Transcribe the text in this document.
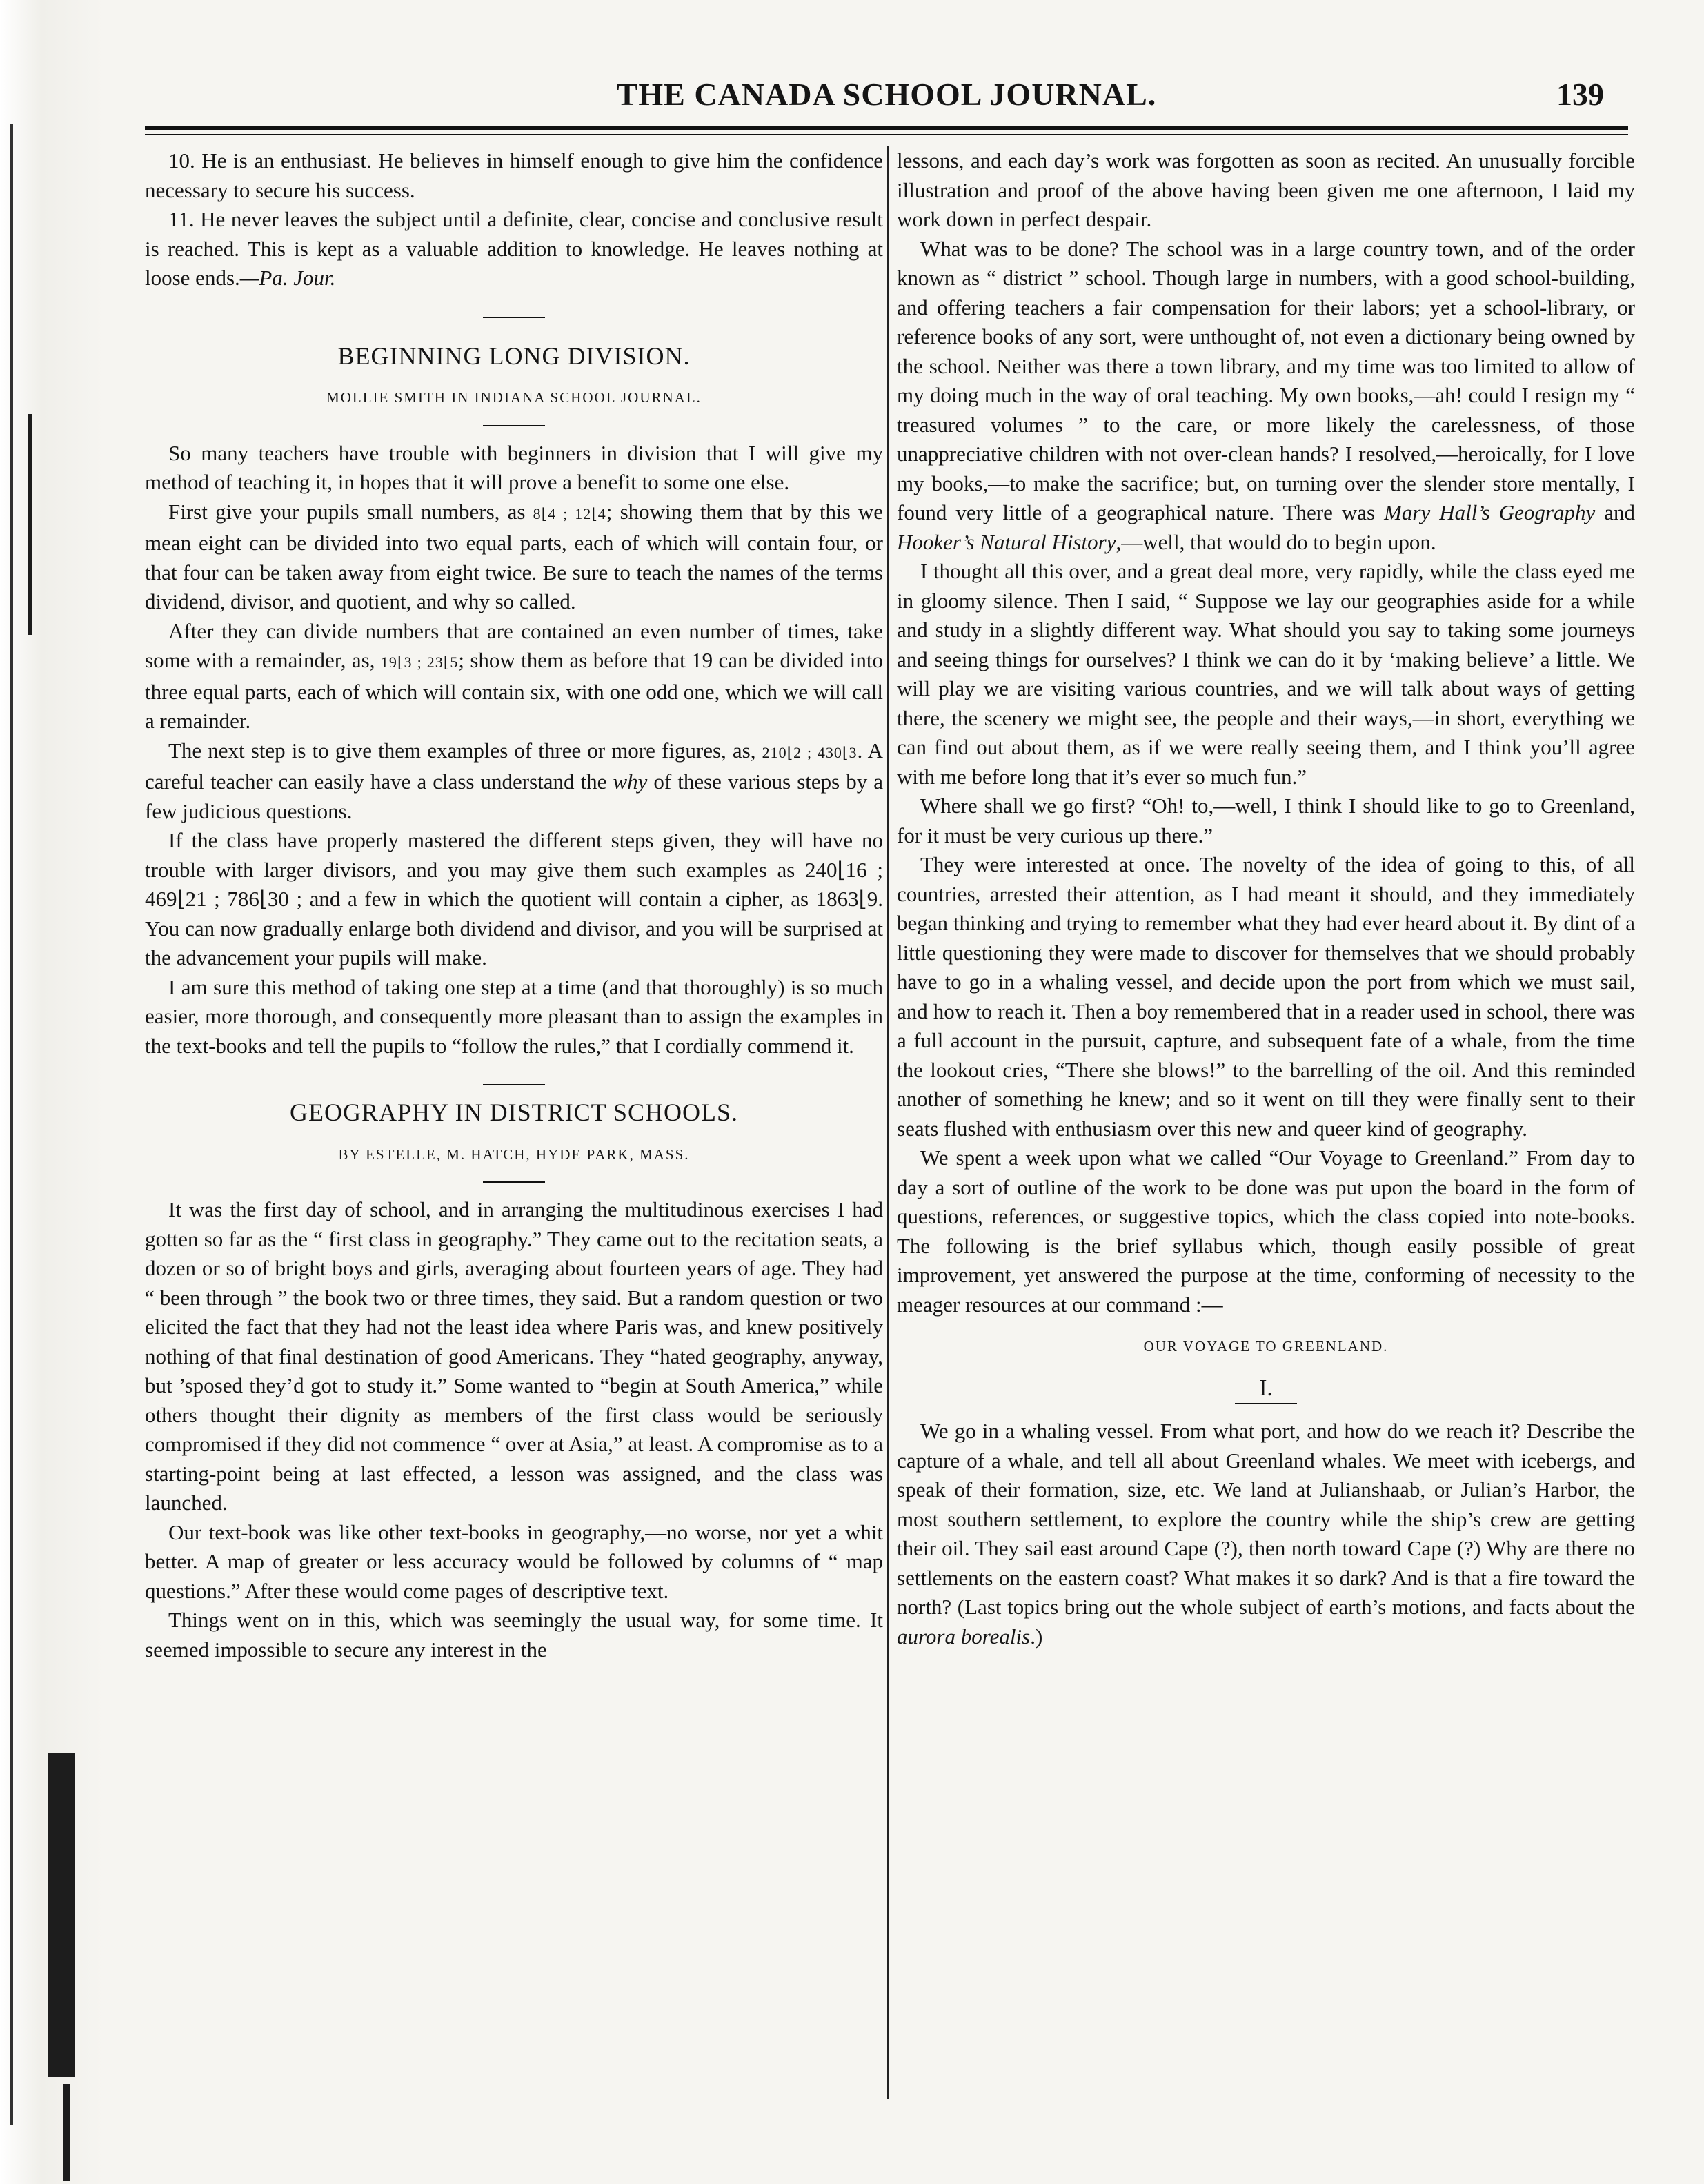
THE CANADA SCHOOL JOURNAL.	139

10. He is an enthusiast. He believes in himself enough to give him the confidence necessary to secure his success.

11. He never leaves the subject until a definite, clear, concise and conclusive result is reached. This is kept as a valuable addition to knowledge. He leaves nothing at loose ends.—Pa. Jour.

BEGINNING LONG DIVISION.

MOLLIE SMITH IN INDIANA SCHOOL JOURNAL.

So many teachers have trouble with beginners in division that I will give my method of teaching it, in hopes that it will prove a benefit to some one else.

First give your pupils small numbers, as 8⌊4 ; 12⌊4; showing them that by this we mean eight can be divided into two equal parts, each of which will contain four, or that four can be taken away from eight twice. Be sure to teach the names of the terms dividend, divisor, and quotient, and why so called.

After they can divide numbers that are contained an even number of times, take some with a remainder, as, 19⌊3 ; 23⌊5; show them as before that 19 can be divided into three equal parts, each of which will contain six, with one odd one, which we will call a remainder.

The next step is to give them examples of three or more figures, as, 210⌊2 ; 430⌊3. A careful teacher can easily have a class understand the why of these various steps by a few judicious questions.

If the class have properly mastered the different steps given, they will have no trouble with larger divisors, and you may give them such examples as 240⌊16 ; 469⌊21 ; 786⌊30 ; and a few in which the quotient will contain a cipher, as 1863⌊9. You can now gradually enlarge both dividend and divisor, and you will be surprised at the advancement your pupils will make.

I am sure this method of taking one step at a time (and that thoroughly) is so much easier, more thorough, and consequently more pleasant than to assign the examples in the text-books and tell the pupils to “follow the rules,” that I cordially commend it.

GEOGRAPHY IN DISTRICT SCHOOLS.

BY ESTELLE, M. HATCH, HYDE PARK, MASS.

It was the first day of school, and in arranging the multitudinous exercises I had gotten so far as the “ first class in geography.” They came out to the recitation seats, a dozen or so of bright boys and girls, averaging about fourteen years of age. They had “ been through ” the book two or three times, they said. But a random question or two elicited the fact that they had not the least idea where Paris was, and knew positively nothing of that final destination of good Americans. They “hated geography, anyway, but ’sposed they’d got to study it.” Some wanted to “begin at South America,” while others thought their dignity as members of the first class would be seriously compromised if they did not commence “ over at Asia,” at least. A compromise as to a starting-point being at last effected, a lesson was assigned, and the class was launched.

Our text-book was like other text-books in geography,—no worse, nor yet a whit better. A map of greater or less accuracy would be followed by columns of “ map questions.” After these would come pages of descriptive text.

Things went on in this, which was seemingly the usual way, for some time. It seemed impossible to secure any interest in the

lessons, and each day’s work was forgotten as soon as recited. An unusually forcible illustration and proof of the above having been given me one afternoon, I laid my work down in perfect despair.

What was to be done? The school was in a large country town, and of the order known as “ district ” school. Though large in numbers, with a good school-building, and offering teachers a fair compensation for their labors; yet a school-library, or reference books of any sort, were unthought of, not even a dictionary being owned by the school. Neither was there a town library, and my time was too limited to allow of my doing much in the way of oral teaching. My own books,—ah! could I resign my “ treasured volumes ” to the care, or more likely the carelessness, of those unappreciative children with not over-clean hands? I resolved,—heroically, for I love my books,—to make the sacrifice; but, on turning over the slender store mentally, I found very little of a geographical nature. There was Mary Hall’s Geography and Hooker’s Natural History,—well, that would do to begin upon.

I thought all this over, and a great deal more, very rapidly, while the class eyed me in gloomy silence. Then I said, “ Suppose we lay our geographies aside for a while and study in a slightly different way. What should you say to taking some journeys and seeing things for ourselves? I think we can do it by ‘making believe’ a little. We will play we are visiting various countries, and we will talk about ways of getting there, the scenery we might see, the people and their ways,—in short, everything we can find out about them, as if we were really seeing them, and I think you’ll agree with me before long that it’s ever so much fun.”

Where shall we go first? “Oh! to,—well, I think I should like to go to Greenland, for it must be very curious up there.”

They were interested at once. The novelty of the idea of going to this, of all countries, arrested their attention, as I had meant it should, and they immediately began thinking and trying to remember what they had ever heard about it. By dint of a little questioning they were made to discover for themselves that we should probably have to go in a whaling vessel, and decide upon the port from which we must sail, and how to reach it. Then a boy remembered that in a reader used in school, there was a full account in the pursuit, capture, and subsequent fate of a whale, from the time the lookout cries, “There she blows!” to the barrelling of the oil. And this reminded another of something he knew; and so it went on till they were finally sent to their seats flushed with enthusiasm over this new and queer kind of geography.

We spent a week upon what we called “Our Voyage to Greenland.” From day to day a sort of outline of the work to be done was put upon the board in the form of questions, references, or suggestive topics, which the class copied into note-books. The following is the brief syllabus which, though easily possible of great improvement, yet answered the purpose at the time, conforming of necessity to the meager resources at our command :—

OUR VOYAGE TO GREENLAND.

I.

We go in a whaling vessel. From what port, and how do we reach it? Describe the capture of a whale, and tell all about Greenland whales. We meet with icebergs, and speak of their formation, size, etc. We land at Julianshaab, or Julian’s Harbor, the most southern settlement, to explore the country while the ship’s crew are getting their oil. They sail east around Cape (?), then north toward Cape (?) Why are there no settlements on the eastern coast? What makes it so dark? And is that a fire toward the north? (Last topics bring out the whole subject of earth’s motions, and facts about the aurora borealis.)
